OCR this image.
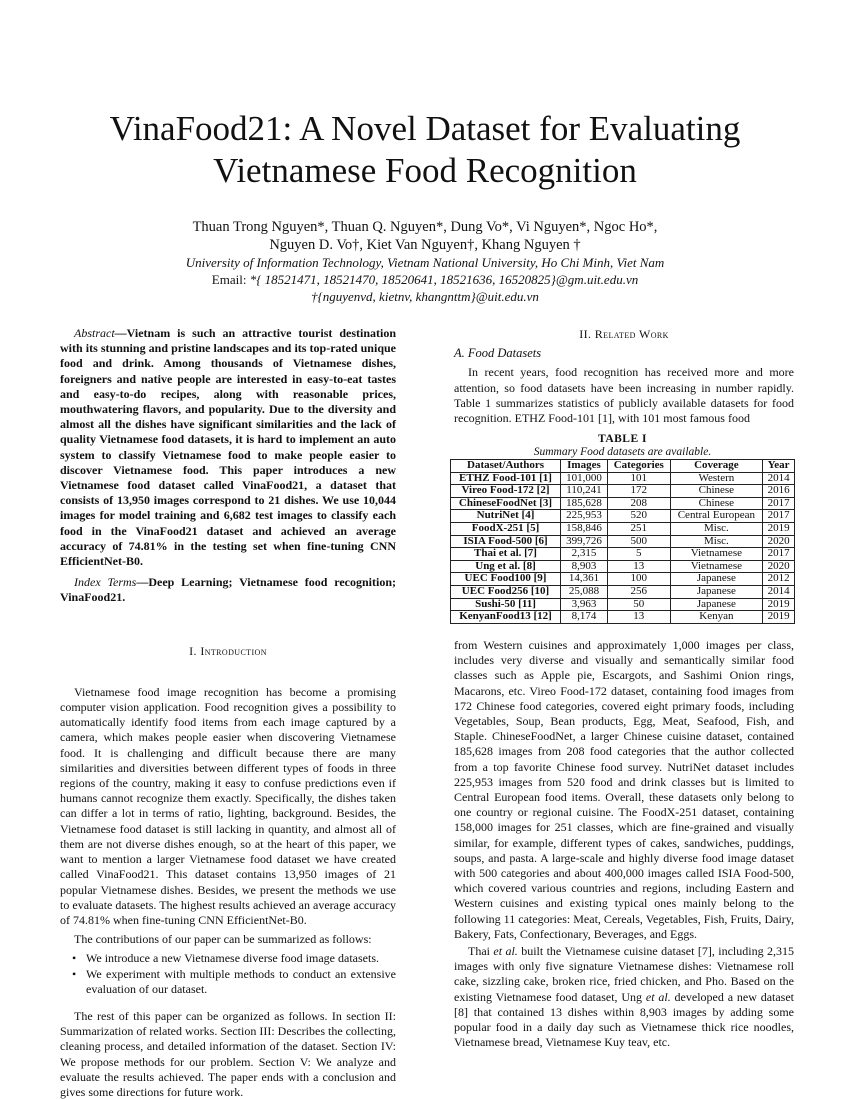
VinaFood21: A Novel Dataset for Evaluating
Vietnamese Food Recognition
Thuan Trong Nguyen*, Thuan Q. Nguyen*, Dung Vo*, Vi Nguyen*, Ngoc Ho*,
Nguyen D. Vo†, Kiet Van Nguyen†, Khang Nguyen †
University of Information Technology, Vietnam National University, Ho Chi Minh, Viet Nam
Email: *{ 18521471, 18521470, 18520641, 18521636, 16520825}@gm.uit.edu.vn
†{nguyenvd, kietnv, khangnttm}@uit.edu.vn

Abstract—Vietnam is such an attractive tourist destination with its stunning and pristine landscapes and its top-rated unique food and drink. Among thousands of Vietnamese dishes, foreigners and native people are interested in easy-to-eat tastes and easy-to-do recipes, along with reasonable prices, mouthwatering flavors, and popularity. Due to the diversity and almost all the dishes have significant similarities and the lack of quality Vietnamese food datasets, it is hard to implement an auto system to classify Vietnamese food to make people easier to discover Vietnamese food. This paper introduces a new Vietnamese food dataset called VinaFood21, a dataset that consists of 13,950 images correspond to 21 dishes. We use 10,044 images for model training and 6,682 test images to classify each food in the VinaFood21 dataset and achieved an average accuracy of 74.81% in the testing set when fine-tuning CNN EfficientNet-B0.

Index Terms—Deep Learning; Vietnamese food recognition; VinaFood21.

I. Introduction

Vietnamese food image recognition has become a promising computer vision application. Food recognition gives a possibility to automatically identify food items from each image captured by a camera, which makes people easier when discovering Vietnamese food. It is challenging and difficult because there are many similarities and diversities between different types of foods in three regions of the country, making it easy to confuse predictions even if humans cannot recognize them exactly. Specifically, the dishes taken can differ a lot in terms of ratio, lighting, background. Besides, the Vietnamese food dataset is still lacking in quantity, and almost all of them are not diverse dishes enough, so at the heart of this paper, we want to mention a larger Vietnamese food dataset we have created called VinaFood21. This dataset contains 13,950 images of 21 popular Vietnamese dishes. Besides, we present the methods we use to evaluate datasets. The highest results achieved an average accuracy of 74.81% when fine-tuning CNN EfficientNet-B0.

The contributions of our paper can be summarized as follows:

• We introduce a new Vietnamese diverse food image datasets.
• We experiment with multiple methods to conduct an extensive evaluation of our dataset.

The rest of this paper can be organized as follows. In section II: Summarization of related works. Section III: Describes the collecting, cleaning process, and detailed information of the dataset. Section IV: We propose methods for our problem. Section V: We analyze and evaluate the results achieved. The paper ends with a conclusion and gives some directions for future work.

II. Related Work
A. Food Datasets

In recent years, food recognition has received more and more attention, so food datasets have been increasing in number rapidly. Table 1 summarizes statistics of publicly available datasets for food recognition. ETHZ Food-101 [1], with 101 most famous food

TABLE I
Summary Food datasets are available.
Dataset/Authors	Images	Categories	Coverage	Year
ETHZ Food-101 [1]	101,000	101	Western	2014
Vireo Food-172 [2]	110,241	172	Chinese	2016
ChineseFoodNet [3]	185,628	208	Chinese	2017
NutriNet [4]	225,953	520	Central European	2017
FoodX-251 [5]	158,846	251	Misc.	2019
ISIA Food-500 [6]	399,726	500	Misc.	2020
Thai et al. [7]	2,315	5	Vietnamese	2017
Ung et al. [8]	8,903	13	Vietnamese	2020
UEC Food100 [9]	14,361	100	Japanese	2012
UEC Food256 [10]	25,088	256	Japanese	2014
Sushi-50 [11]	3,963	50	Japanese	2019
KenyanFood13 [12]	8,174	13	Kenyan	2019

from Western cuisines and approximately 1,000 images per class, includes very diverse and visually and semantically similar food classes such as Apple pie, Escargots, and Sashimi Onion rings, Macarons, etc. Vireo Food-172 dataset, containing food images from 172 Chinese food categories, covered eight primary foods, including Vegetables, Soup, Bean products, Egg, Meat, Seafood, Fish, and Staple. ChineseFoodNet, a larger Chinese cuisine dataset, contained 185,628 images from 208 food categories that the author collected from a top favorite Chinese food survey. NutriNet dataset includes 225,953 images from 520 food and drink classes but is limited to Central European food items. Overall, these datasets only belong to one country or regional cuisine. The FoodX-251 dataset, containing 158,000 images for 251 classes, which are fine-grained and visually similar, for example, different types of cakes, sandwiches, puddings, soups, and pasta. A large-scale and highly diverse food image dataset with 500 categories and about 400,000 images called ISIA Food-500, which covered various countries and regions, including Eastern and Western cuisines and existing typical ones mainly belong to the following 11 categories: Meat, Cereals, Vegetables, Fish, Fruits, Dairy, Bakery, Fats, Confectionary, Beverages, and Eggs.

Thai et al. built the Vietnamese cuisine dataset [7], including 2,315 images with only five signature Vietnamese dishes: Vietnamese roll cake, sizzling cake, broken rice, fried chicken, and Pho. Based on the existing Vietnamese food dataset, Ung et al. developed a new dataset [8] that contained 13 dishes within 8,903 images by adding some popular food in a daily day such as Vietnamese thick rice noodles, Vietnamese bread, Vietnamese Kuy teav, etc.
